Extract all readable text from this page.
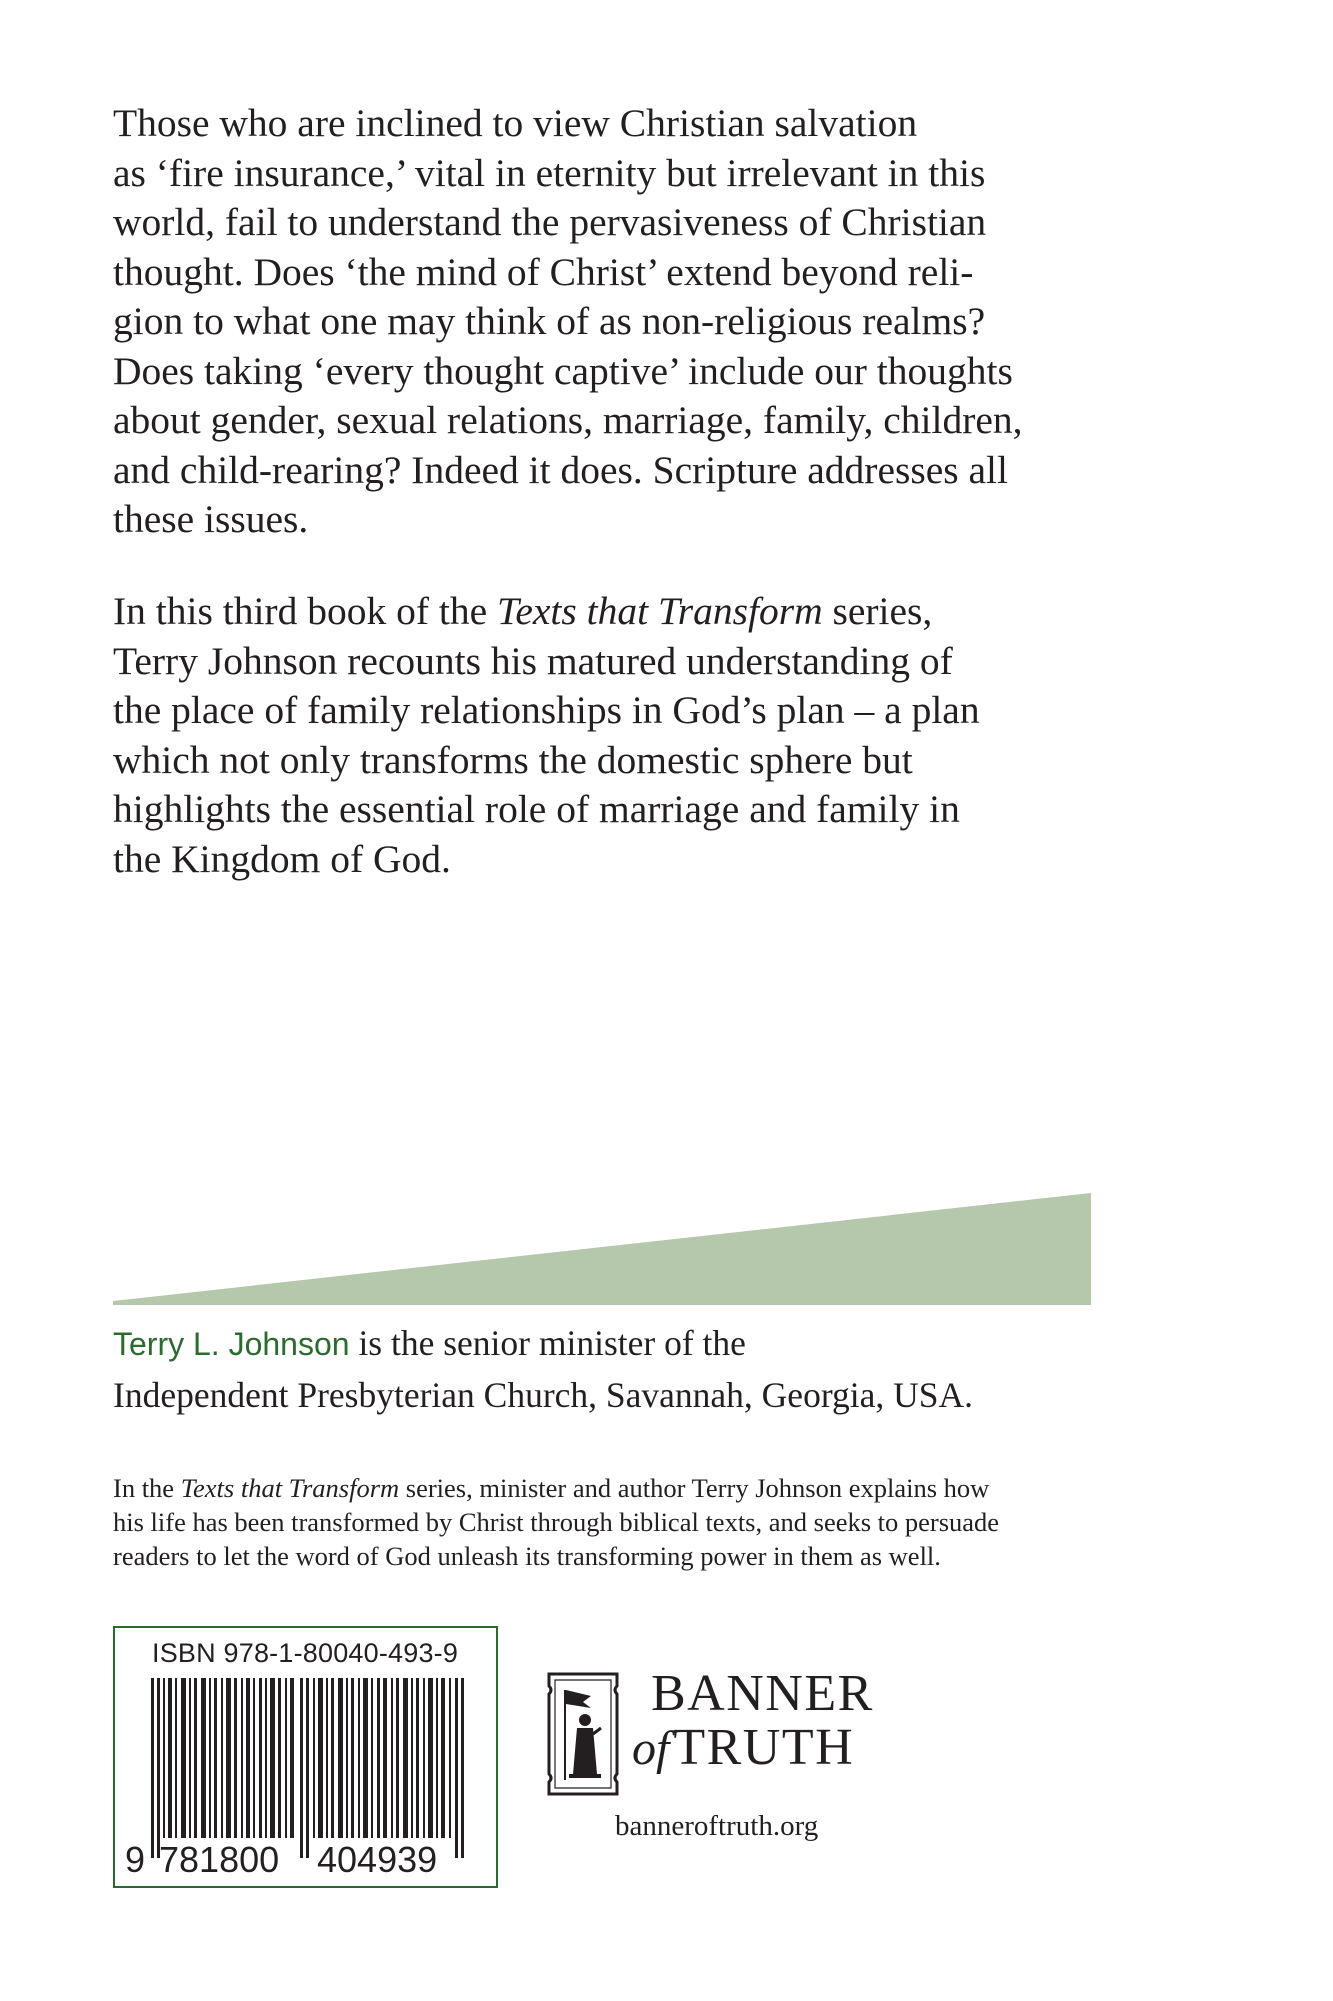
Those who are inclined to view Christian salvation
as ‘fire insurance,’ vital in eternity but irrelevant in this
world, fail to understand the pervasiveness of Christian
thought. Does ‘the mind of Christ’ extend beyond reli-
gion to what one may think of as non-religious realms?
Does taking ‘every thought captive’ include our thoughts
about gender, sexual relations, marriage, family, children,
and child-rearing? Indeed it does. Scripture addresses all
these issues.

In this third book of the Texts that Transform series,
Terry Johnson recounts his matured understanding of
the place of family relationships in God’s plan – a plan
which not only transforms the domestic sphere but
highlights the essential role of marriage and family in
the Kingdom of God.

Terry L. Johnson is the senior minister of the
Independent Presbyterian Church, Savannah, Georgia, USA.

In the Texts that Transform series, minister and author Terry Johnson explains how
his life has been transformed by Christ through biblical texts, and seeks to persuade
readers to let the word of God unleash its transforming power in them as well.

ISBN 978-1-80040-493-9
9 781800 404939
BANNER
of TRUTH
banneroftruth.org
